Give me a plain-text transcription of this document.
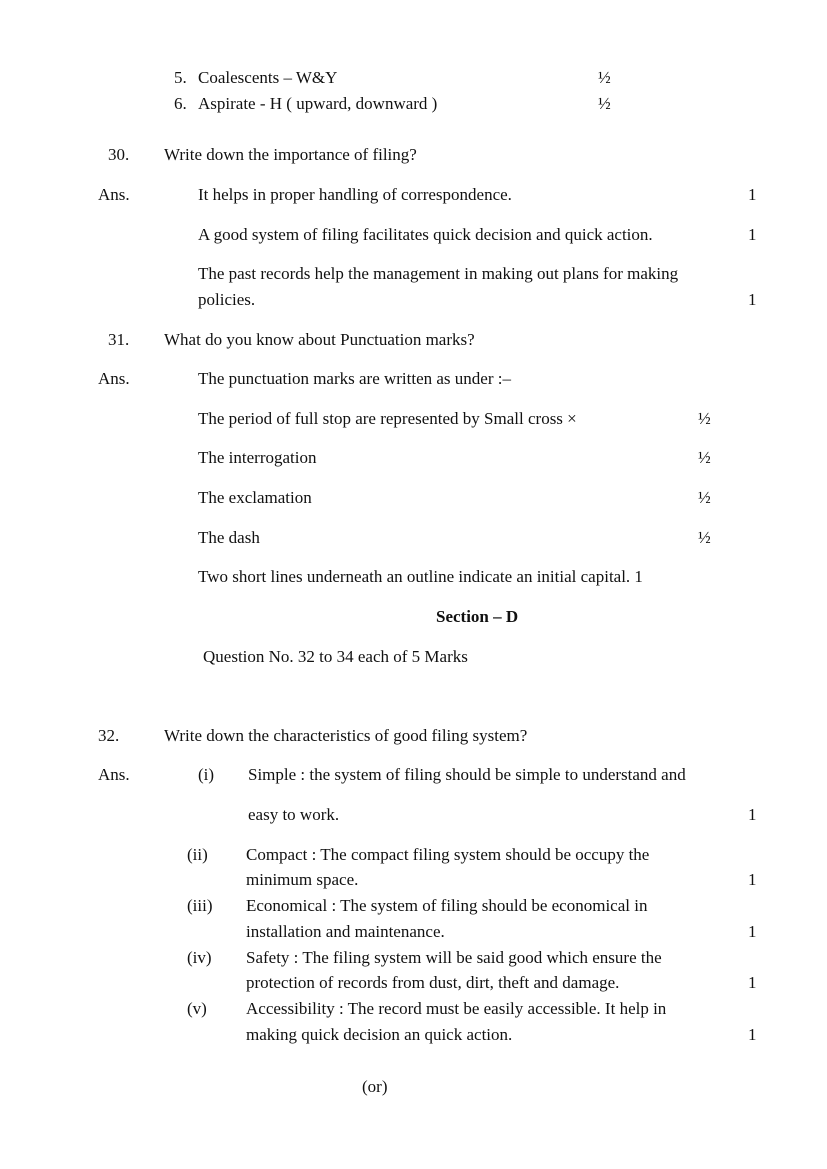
5. Coalescents – W&Y	½
6. Aspirate - H ( upward, downward )	½
30. Write down the importance of filing?
Ans.	It helps in proper handling of correspondence.	1
A good system of filing facilitates quick decision and quick action.	1
The past records help the management in making out plans for making
policies.	1
31. What do you know about Punctuation marks?
Ans.	The punctuation marks are written as under :–
The period of full stop are represented by Small cross ×	½
The interrogation	½
The exclamation	½
The dash	½
Two short lines underneath an outline indicate an initial capital. 1
Section – D
Question No. 32 to 34 each of 5 Marks
32.	Write down the characteristics of good filing system?
Ans.	(i) Simple : the system of filing should be simple to understand and
easy to work.	1
(ii) Compact : The compact filing system should be occupy the
minimum space.	1
(iii) Economical : The system of filing should be economical in
installation and maintenance.	1
(iv) Safety : The filing system will be said good which ensure the
protection of records from dust, dirt, theft and damage.	1
(v) Accessibility : The record must be easily accessible. It help in
making quick decision an quick action.	1
(or)
